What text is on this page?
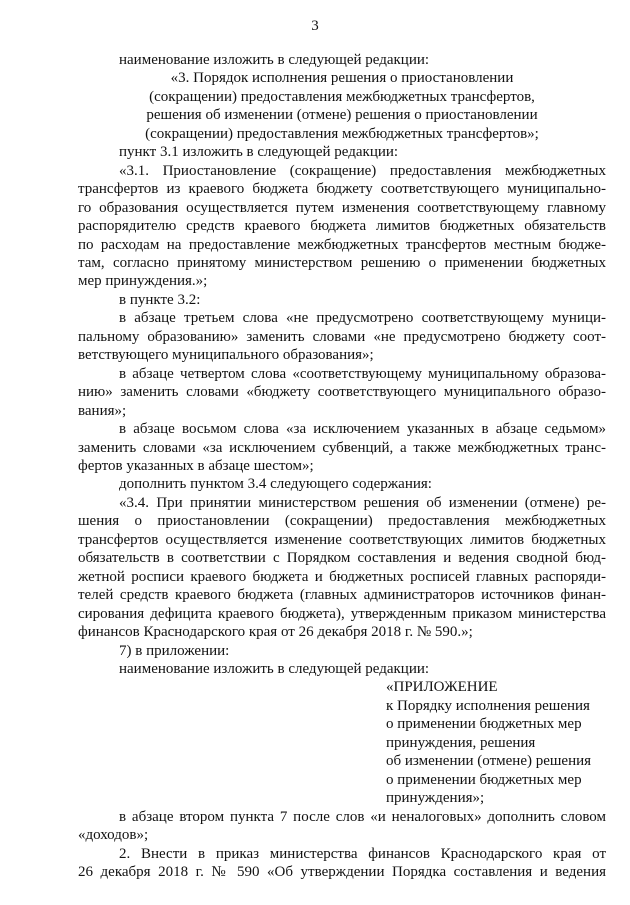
3
наименование изложить в следующей редакции:
«3. Порядок исполнения решения о приостановлении
(сокращении) предоставления межбюджетных трансфертов,
решения об изменении (отмене) решения о приостановлении
(сокращении) предоставления межбюджетных трансфертов»;
пункт 3.1 изложить в следующей редакции:
«3.1. Приостановление (сокращение) предоставления межбюджетных
трансфертов из краевого бюджета бюджету соответствующего муниципально-
го образования осуществляется путем изменения соответствующему главному
распорядителю средств краевого бюджета лимитов бюджетных обязательств
по расходам на предоставление межбюджетных трансфертов местным бюдже-
там, согласно принятому министерством решению о применении бюджетных
мер принуждения.»;
в пункте 3.2:
в абзаце третьем слова «не предусмотрено соответствующему муници-
пальному образованию» заменить словами «не предусмотрено бюджету соот-
ветствующего муниципального образования»;
в абзаце четвертом слова «соответствующему муниципальному образова-
нию» заменить словами «бюджету соответствующего муниципального образо-
вания»;
в абзаце восьмом слова «за исключением указанных в абзаце седьмом»
заменить словами «за исключением субвенций, а также межбюджетных транс-
фертов указанных в абзаце шестом»;
дополнить пунктом 3.4 следующего содержания:
«3.4. При принятии министерством решения об изменении (отмене) ре-
шения о приостановлении (сокращении) предоставления межбюджетных
трансфертов осуществляется изменение соответствующих лимитов бюджетных
обязательств в соответствии с Порядком составления и ведения сводной бюд-
жетной росписи краевого бюджета и бюджетных росписей главных распоряди-
телей средств краевого бюджета (главных администраторов источников финан-
сирования дефицита краевого бюджета), утвержденным приказом министерства
финансов Краснодарского края от 26 декабря 2018 г. № 590.»;
7) в приложении:
наименование изложить в следующей редакции:
«ПРИЛОЖЕНИЕ
к Порядку исполнения решения
о применении бюджетных мер
принуждения, решения
об изменении (отмене) решения
о применении бюджетных мер
принуждения»;
в абзаце втором пункта 7 после слов «и неналоговых» дополнить словом
«доходов»;
2. Внести в приказ министерства финансов Краснодарского края от
26 декабря 2018 г. № 590 «Об утверждении Порядка составления и ведения
